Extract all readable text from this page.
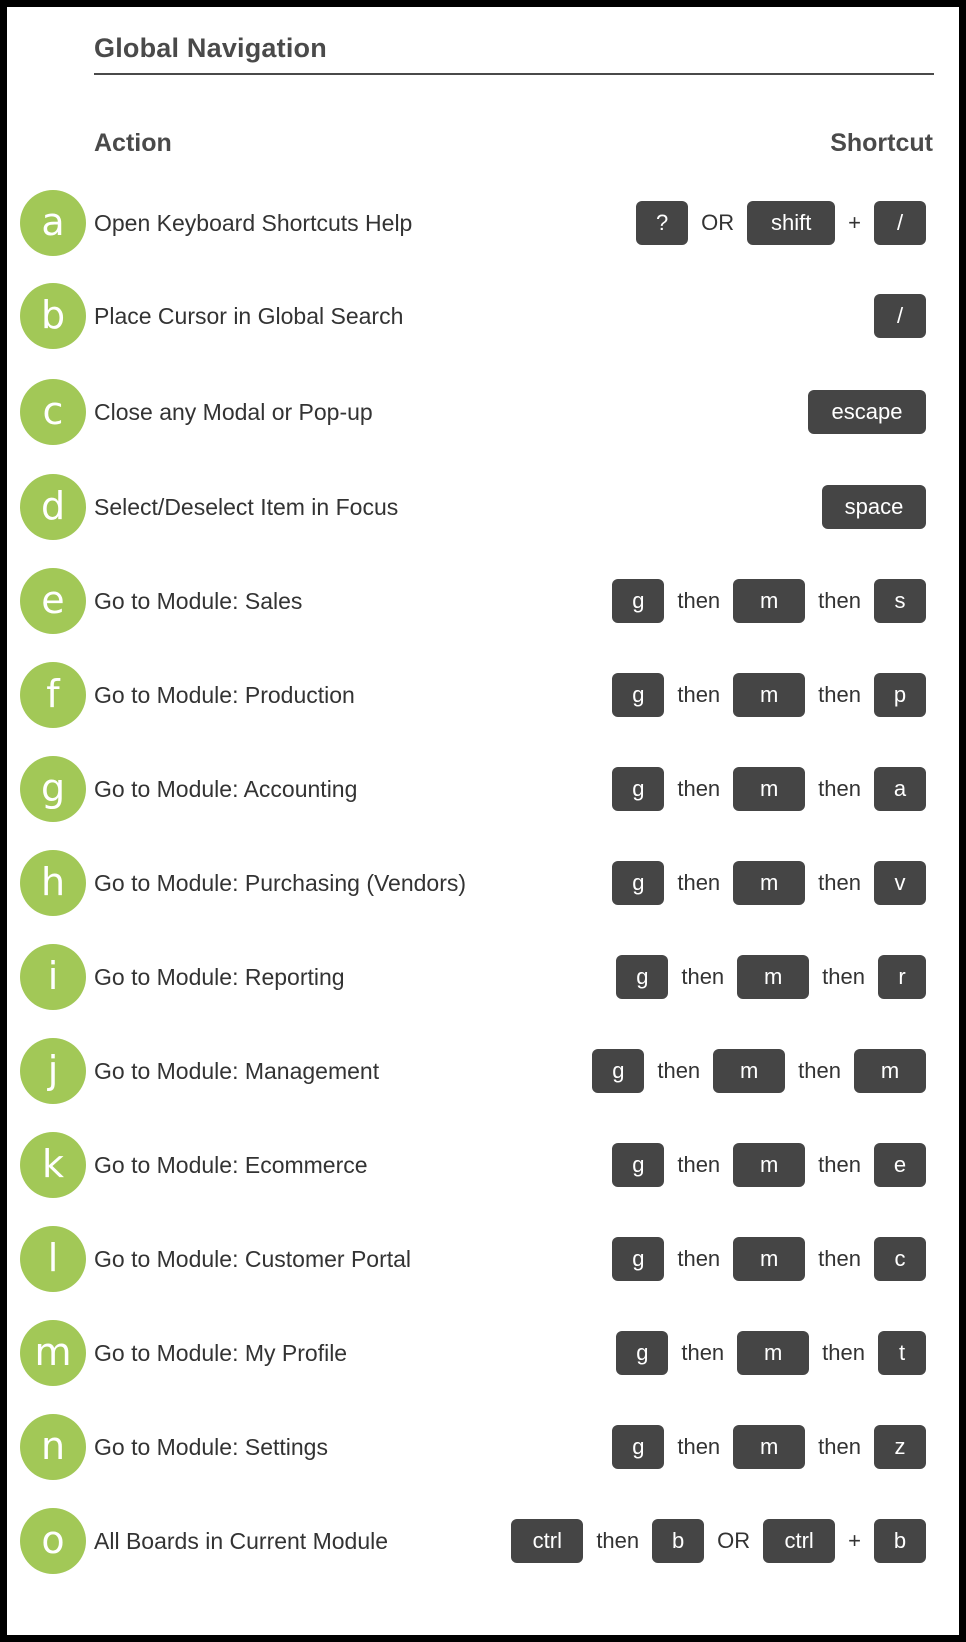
Global Navigation
Action	Shortcut
a	Open Keyboard Shortcuts Help	?	OR	shift	+	/
b	Place Cursor in Global Search	/
c	Close any Modal or Pop-up	escape
d	Select/Deselect Item in Focus	space
e	Go to Module: Sales	g	then	m	then	s
f	Go to Module: Production	g	then	m	then	p
g	Go to Module: Accounting	g	then	m	then	a
h	Go to Module: Purchasing (Vendors)	g	then	m	then	v
i	Go to Module: Reporting	g	then	m	then	r
j	Go to Module: Management	g	then	m	then	m
k	Go to Module: Ecommerce	g	then	m	then	e
l	Go to Module: Customer Portal	g	then	m	then	c
m Go to Module: My Profile	g	then	m	then	t
n	Go to Module: Settings	g	then	m	then	z
o	All Boards in Current Module	ctrl	then	b	OR	ctrl	+	b
